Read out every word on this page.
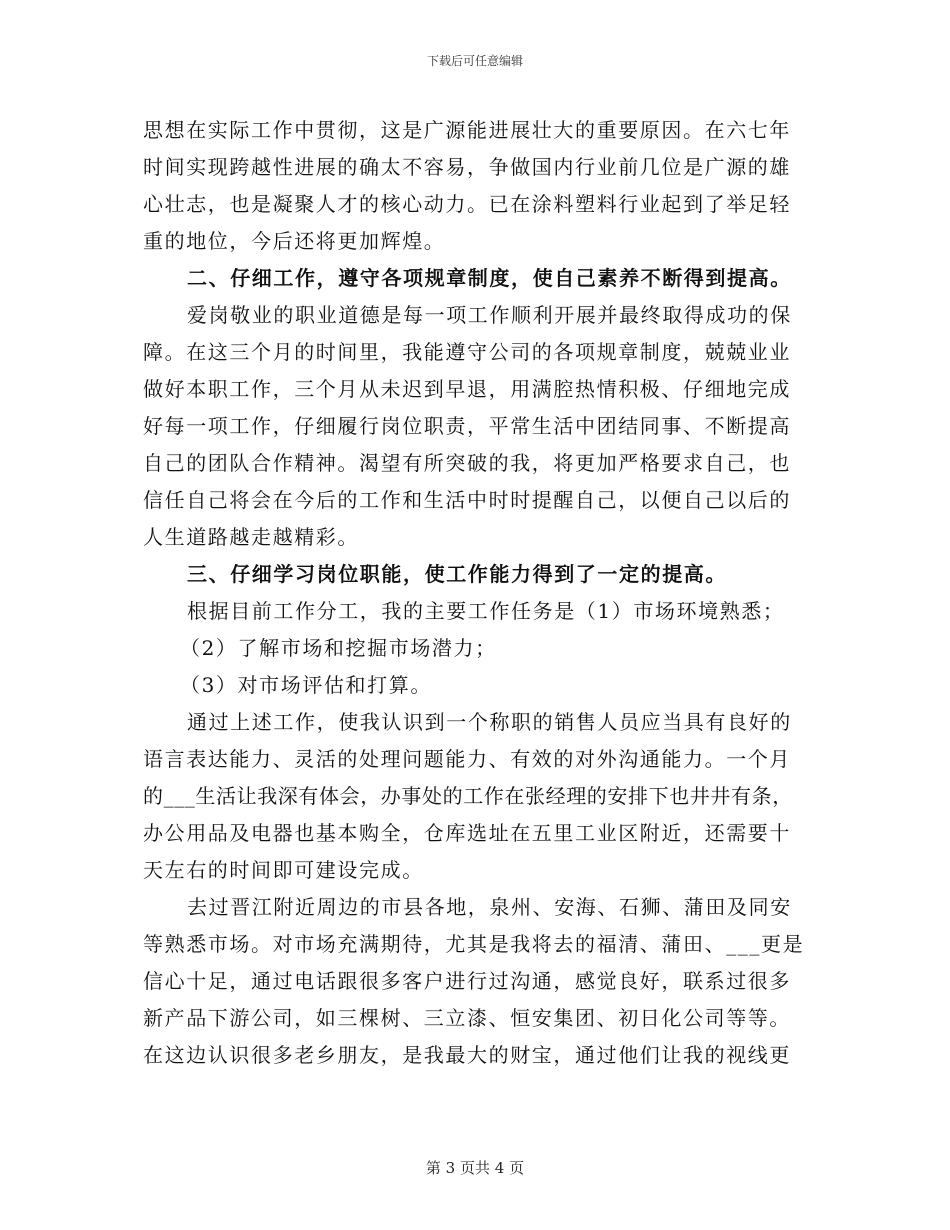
下载后可任意编辑
思想在实际工作中贯彻，这是广源能进展壮大的重要原因。在六七年
时间实现跨越性进展的确太不容易，争做国内行业前几位是广源的雄
心壮志，也是凝聚人才的核心动力。已在涂料塑料行业起到了举足轻
重的地位，今后还将更加辉煌。
二、仔细工作，遵守各项规章制度，使自己素养不断得到提高。
爱岗敬业的职业道德是每一项工作顺利开展并最终取得成功的保
障。在这三个月的时间里，我能遵守公司的各项规章制度，兢兢业业
做好本职工作，三个月从未迟到早退，用满腔热情积极、仔细地完成
好每一项工作，仔细履行岗位职责，平常生活中团结同事、不断提高
自己的团队合作精神。渴望有所突破的我，将更加严格要求自己，也
信任自己将会在今后的工作和生活中时时提醒自己，以便自己以后的
人生道路越走越精彩。
三、仔细学习岗位职能，使工作能力得到了一定的提高。
根据目前工作分工，我的主要工作任务是（1）市场环境熟悉；
（2）了解市场和挖掘市场潜力；
（3）对市场评估和打算。
通过上述工作，使我认识到一个称职的销售人员应当具有良好的
语言表达能力、灵活的处理问题能力、有效的对外沟通能力。一个月
的___生活让我深有体会，办事处的工作在张经理的安排下也井井有条，
办公用品及电器也基本购全，仓库选址在五里工业区附近，还需要十
天左右的时间即可建设完成。
去过晋江附近周边的市县各地，泉州、安海、石狮、蒲田及同安
等熟悉市场。对市场充满期待，尤其是我将去的福清、蒲田、___更是
信心十足，通过电话跟很多客户进行过沟通，感觉良好，联系过很多
新产品下游公司，如三棵树、三立漆、恒安集团、初日化公司等等。
在这边认识很多老乡朋友，是我最大的财宝，通过他们让我的视线更
第 3 页共 4 页
